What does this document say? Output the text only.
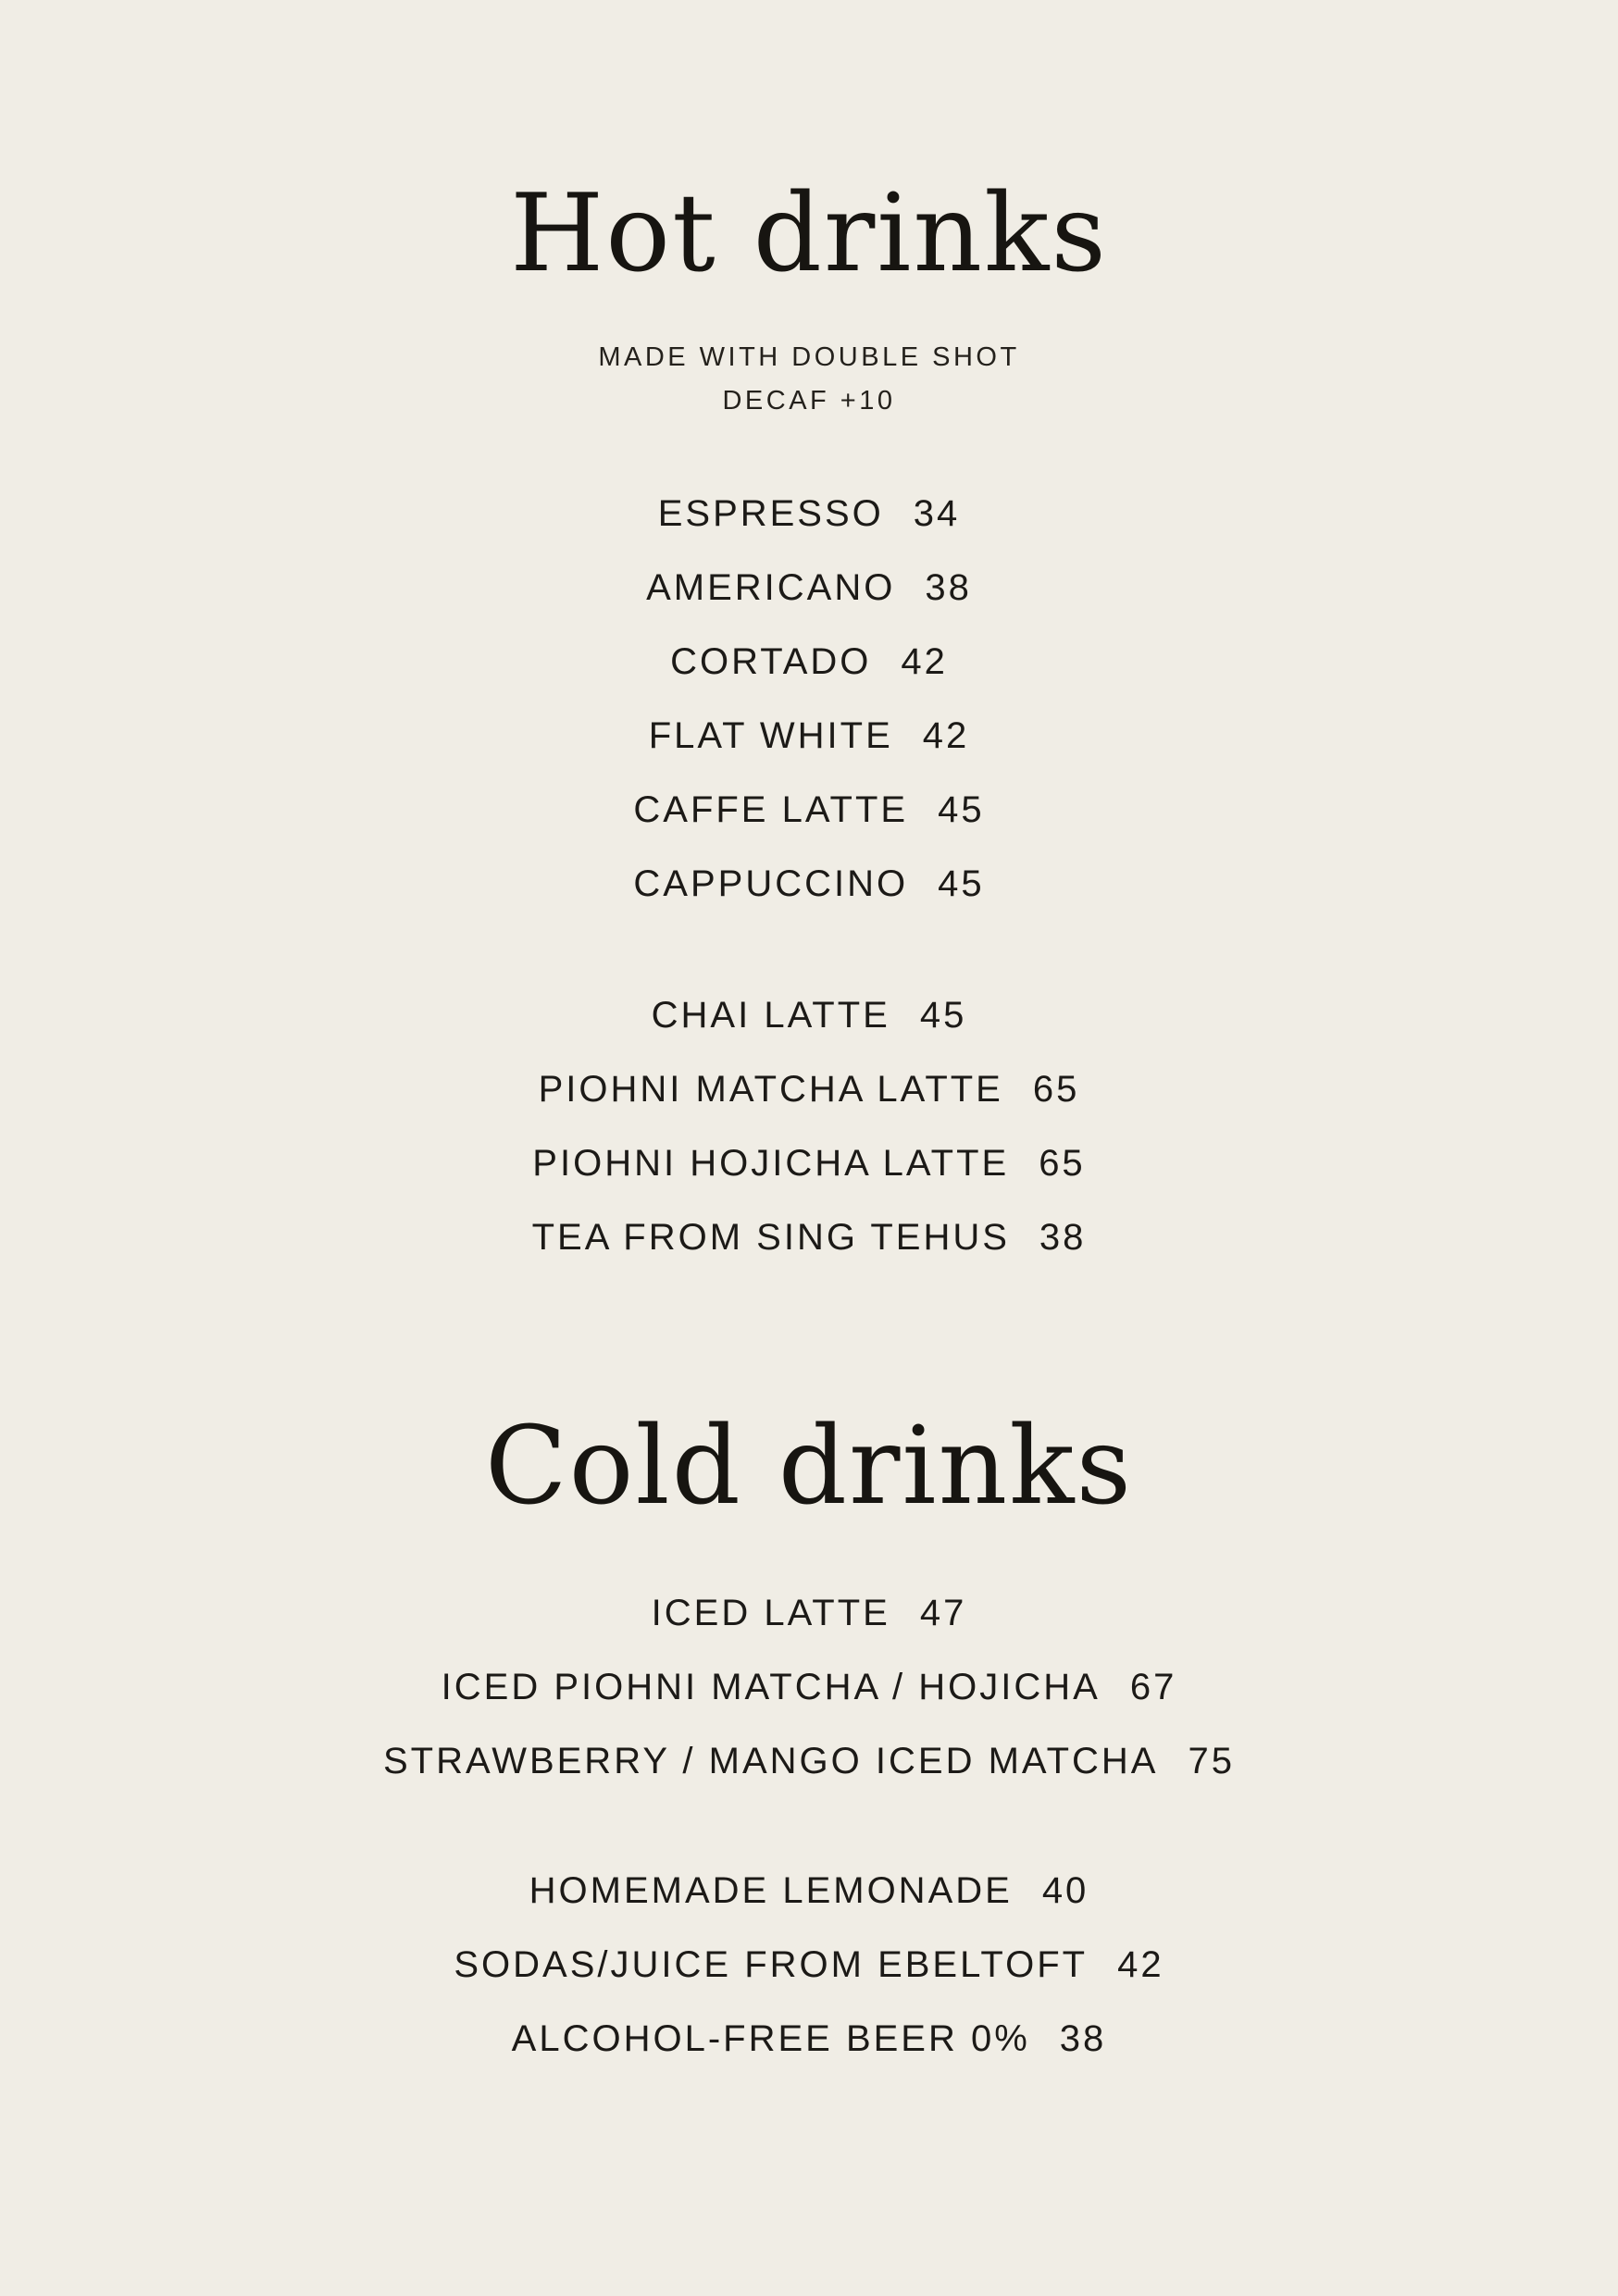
Hot drinks
MADE WITH DOUBLE SHOT
DECAF +10
ESPRESSO 34
AMERICANO 38
CORTADO 42
FLAT WHITE 42
CAFFE LATTE 45
CAPPUCCINO 45
CHAI LATTE 45
PIOHNI MATCHA LATTE 65
PIOHNI HOJICHA LATTE 65
TEA FROM SING TEHUS 38
Cold drinks
ICED LATTE 47
ICED PIOHNI MATCHA / HOJICHA 67
STRAWBERRY / MANGO ICED MATCHA 75
HOMEMADE LEMONADE 40
SODAS/JUICE FROM EBELTOFT 42
ALCOHOL-FREE BEER 0% 38
